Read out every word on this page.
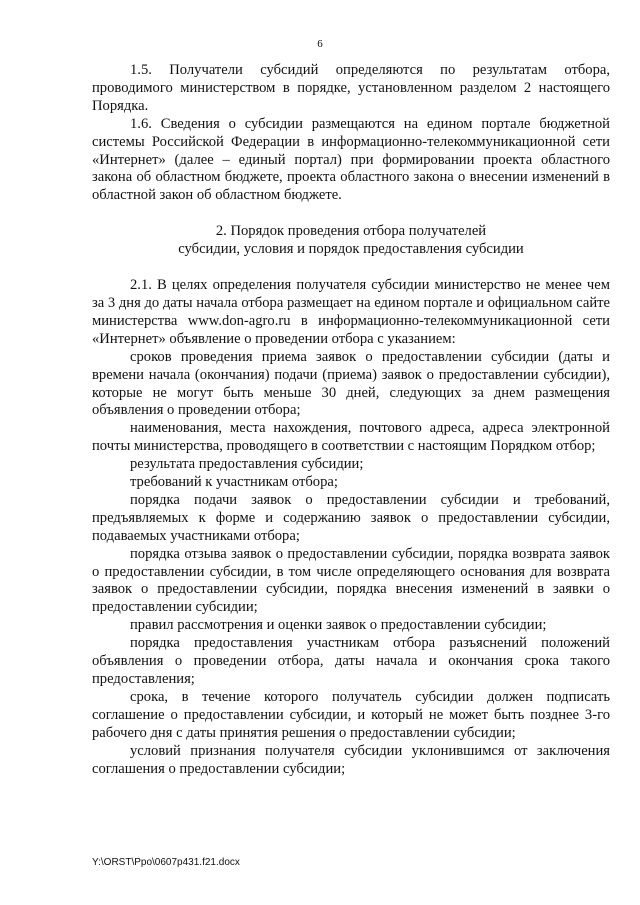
6

1.5. Получатели субсидий определяются по результатам отбора, проводимого министерством в порядке, установленном разделом 2 настоящего Порядка.

1.6. Сведения о субсидии размещаются на едином портале бюджетной системы Российской Федерации в информационно-телекоммуникационной сети «Интернет» (далее – единый портал) при формировании проекта областного закона об областном бюджете, проекта областного закона о внесении изменений в областной закон об областном бюджете.

2. Порядок проведения отбора получателей
субсидии, условия и порядок предоставления субсидии

2.1. В целях определения получателя субсидии министерство не менее чем за 3 дня до даты начала отбора размещает на едином портале и официальном сайте министерства www.don-agro.ru в информационно-телекоммуникационной сети «Интернет» объявление о проведении отбора с указанием:

сроков проведения приема заявок о предоставлении субсидии (даты и времени начала (окончания) подачи (приема) заявок о предоставлении субсидии), которые не могут быть меньше 30 дней, следующих за днем размещения объявления о проведении отбора;

наименования, места нахождения, почтового адреса, адреса электронной почты министерства, проводящего в соответствии с настоящим Порядком отбор;

результата предоставления субсидии;

требований к участникам отбора;

порядка подачи заявок о предоставлении субсидии и требований, предъявляемых к форме и содержанию заявок о предоставлении субсидии, подаваемых участниками отбора;

порядка отзыва заявок о предоставлении субсидии, порядка возврата заявок о предоставлении субсидии, в том числе определяющего основания для возврата заявок о предоставлении субсидии, порядка внесения изменений в заявки о предоставлении субсидии;

правил рассмотрения и оценки заявок о предоставлении субсидии;

порядка предоставления участникам отбора разъяснений положений объявления о проведении отбора, даты начала и окончания срока такого предоставления;

срока, в течение которого получатель субсидии должен подписать соглашение о предоставлении субсидии, и который не может быть позднее 3-го рабочего дня с даты принятия решения о предоставлении субсидии;

условий признания получателя субсидии уклонившимся от заключения соглашения о предоставлении субсидии;

Y:\ORST\Ppo\0607p431.f21.docx
